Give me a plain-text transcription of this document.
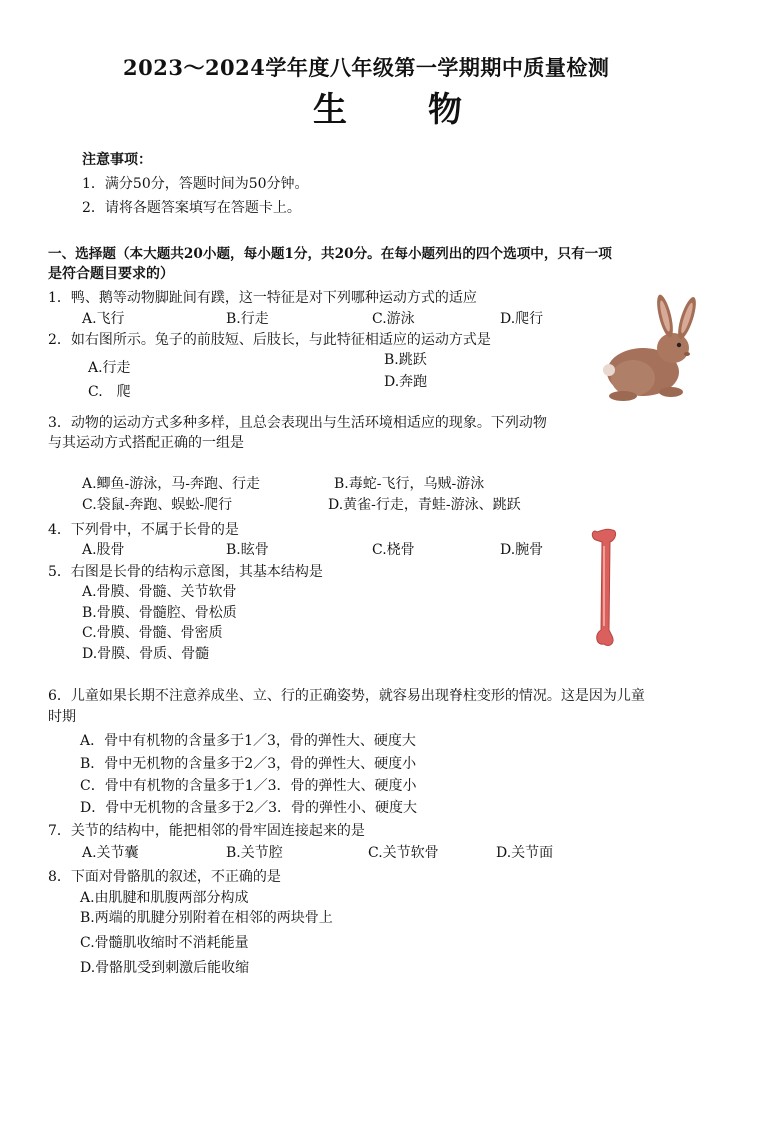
2023～2024学年度八年级第一学期期中质量检测
生 物
注意事项：
1．满分50分，答题时间为50分钟。
2．请将各题答案填写在答题卡上。
一、选择题（本大题共20小题，每小题1分，共20分。在每小题列出的四个选项中，只有一项
是符合题目要求的）
1．鸭、鹅等动物脚趾间有蹼，这一特征是对下列哪种运动方式的适应
A.飞行	B.行走	C.游泳	D.爬行
2．如右图所示。兔子的前肢短、后肢长，与此特征相适应的运动方式是
A.行走	B.跳跃
C.　爬
D.奔跑
3．动物的运动方式多种多样，且总会表现出与生活环境相适应的现象。下列动物
与其运动方式搭配正确的一组是
A.鲫鱼-游泳，马-奔跑、行走	B.毒蛇-飞行，乌贼-游泳
C.袋鼠-奔跑、蜈蚣-爬行	D.黄雀-行走，青蛙-游泳、跳跃
4．下列骨中，不属于长骨的是
A.股骨	B.眩骨	C.桡骨	D.腕骨
5．右图是长骨的结构示意图，其基本结构是
A.骨膜、骨髓、关节软骨
B.骨膜、骨髓腔、骨松质
C.骨膜、骨髓、骨密质
D.骨膜、骨质、骨髓
6．儿童如果长期不注意养成坐、立、行的正确姿势，就容易出现脊柱变形的情况。这是因为儿童
时期
A．骨中有机物的含量多于1／3，骨的弹性大、硬度大
B．骨中无机物的含量多于2／3，骨的弹性大、硬度小
C．骨中有机物的含量多于1／3．骨的弹性大、硬度小
D．骨中无机物的含量多于2／3．骨的弹性小、硬度大
7．关节的结构中，能把相邻的骨牢固连接起来的是
A.关节囊	B.关节腔	C.关节软骨	D.关节面
8．下面对骨骼肌的叙述，不正确的是
A.由肌腱和肌腹两部分构成
B.两端的肌腱分别附着在相邻的两块骨上
C.骨髓肌收缩时不消耗能量
D.骨骼肌受到刺激后能收缩
